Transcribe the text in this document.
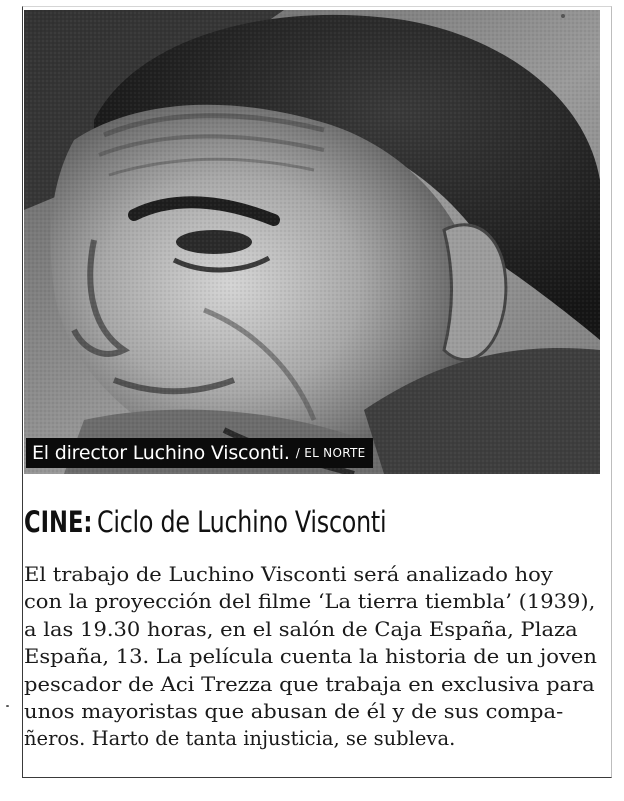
El director Luchino Visconti. / EL NORTE
CINE: Ciclo de Luchino Visconti
El trabajo de Luchino Visconti será analizado hoy
con la proyección del filme ‘La tierra tiembla’ (1939),
a las 19.30 horas, en el salón de Caja España, Plaza
España, 13. La película cuenta la historia de un joven
pescador de Aci Trezza que trabaja en exclusiva para
unos mayoristas que abusan de él y de sus compa-
ñeros. Harto de tanta injusticia, se subleva.
